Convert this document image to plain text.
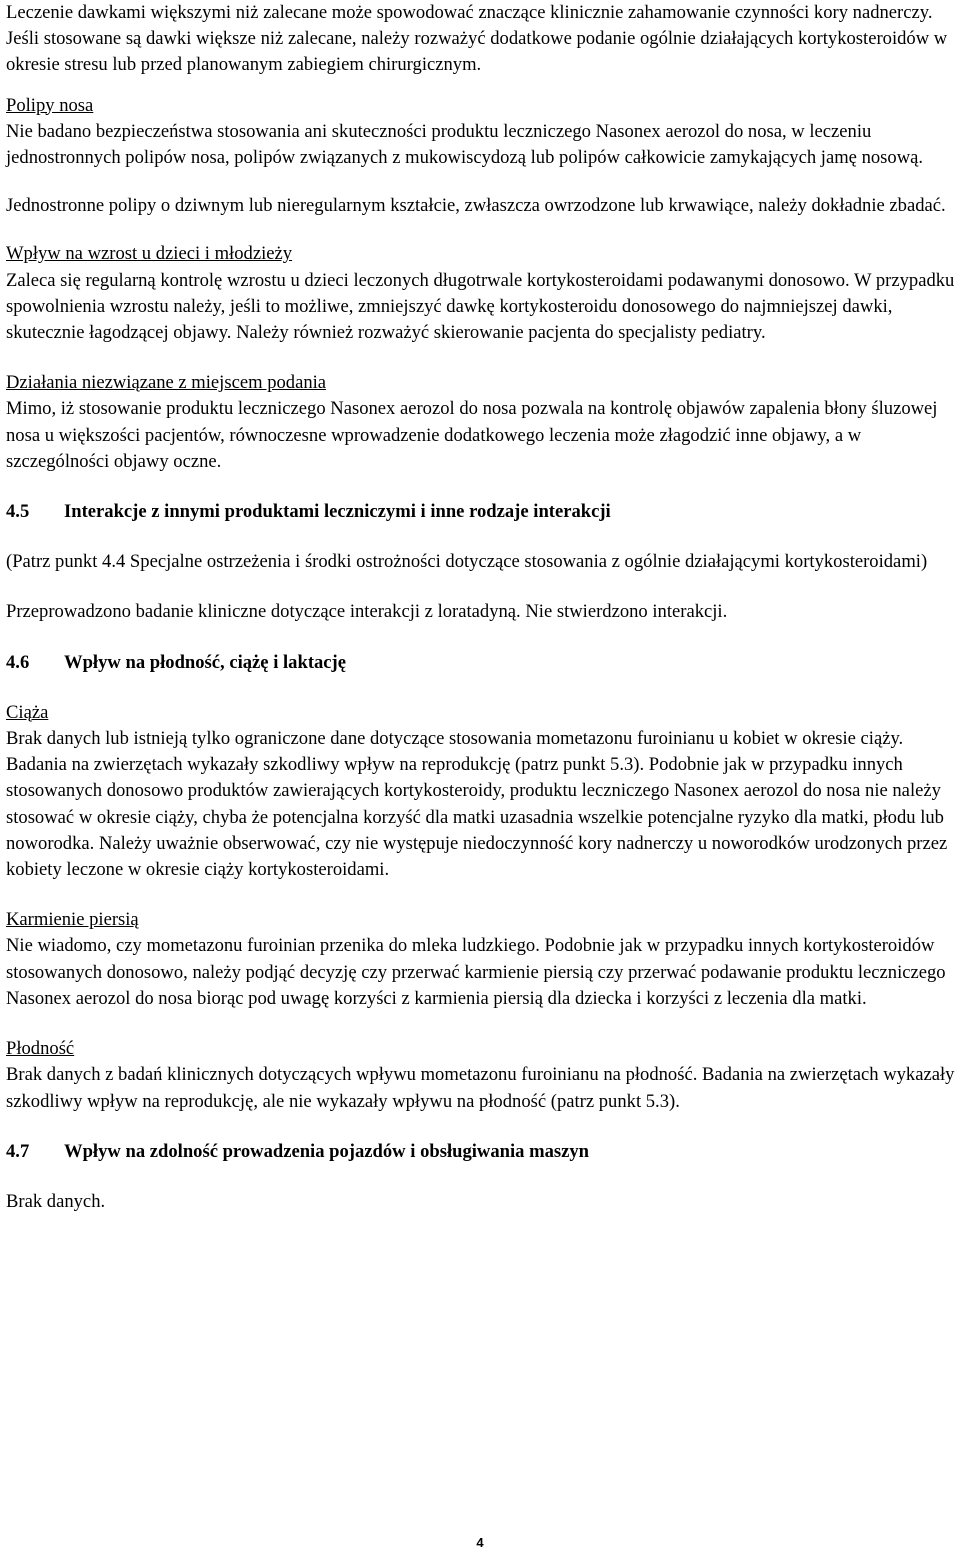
Leczenie dawkami większymi niż zalecane może spowodować znaczące klinicznie zahamowanie czynności kory nadnerczy. Jeśli stosowane są dawki większe niż zalecane, należy rozważyć dodatkowe podanie ogólnie działających kortykosteroidów w okresie stresu lub przed planowanym zabiegiem chirurgicznym.

Polipy nosa

Nie badano bezpieczeństwa stosowania ani skuteczności produktu leczniczego Nasonex aerozol do nosa, w leczeniu jednostronnych polipów nosa, polipów związanych z mukowiscydozą lub polipów całkowicie zamykających jamę nosową.

Jednostronne polipy o dziwnym lub nieregularnym kształcie, zwłaszcza owrzodzone lub krwawiące, należy dokładnie zbadać.

Wpływ na wzrost u dzieci i młodzieży

Zaleca się regularną kontrolę wzrostu u dzieci leczonych długotrwale kortykosteroidami podawanymi donosowo. W przypadku spowolnienia wzrostu należy, jeśli to możliwe, zmniejszyć dawkę kortykosteroidu donosowego do najmniejszej dawki, skutecznie łagodzącej objawy. Należy również rozważyć skierowanie pacjenta do specjalisty pediatry.

Działania niezwiązane z miejscem podania

Mimo, iż stosowanie produktu leczniczego Nasonex aerozol do nosa pozwala na kontrolę objawów zapalenia błony śluzowej nosa u większości pacjentów, równoczesne wprowadzenie dodatkowego leczenia może złagodzić inne objawy, a w szczególności objawy oczne.

4.5	Interakcje z innymi produktami leczniczymi i inne rodzaje interakcji

(Patrz punkt 4.4 Specjalne ostrzeżenia i środki ostrożności dotyczące stosowania z ogólnie działającymi kortykosteroidami)

Przeprowadzono badanie kliniczne dotyczące interakcji z loratadyną. Nie stwierdzono interakcji.

4.6	Wpływ na płodność, ciążę i laktację
Ciąża

Brak danych lub istnieją tylko ograniczone dane dotyczące stosowania mometazonu furoinianu u kobiet w okresie ciąży. Badania na zwierzętach wykazały szkodliwy wpływ na reprodukcję (patrz punkt 5.3). Podobnie jak w przypadku innych stosowanych donosowo produktów zawierających kortykosteroidy, produktu leczniczego Nasonex aerozol do nosa nie należy stosować w okresie ciąży, chyba że potencjalna korzyść dla matki uzasadnia wszelkie potencjalne ryzyko dla matki, płodu lub noworodka. Należy uważnie obserwować, czy nie występuje niedoczynność kory nadnerczy u noworodków urodzonych przez kobiety leczone w okresie ciąży kortykosteroidami.

Karmienie piersią

Nie wiadomo, czy mometazonu furoinian przenika do mleka ludzkiego. Podobnie jak w przypadku innych kortykosteroidów stosowanych donosowo, należy podjąć decyzję czy przerwać karmienie piersią czy przerwać podawanie produktu leczniczego Nasonex aerozol do nosa biorąc pod uwagę korzyści z karmienia piersią dla dziecka i korzyści z leczenia dla matki.

Płodność

Brak danych z badań klinicznych dotyczących wpływu mometazonu furoinianu na płodność. Badania na zwierzętach wykazały szkodliwy wpływ na reprodukcję, ale nie wykazały wpływu na płodność (patrz punkt 5.3).

4.7	Wpływ na zdolność prowadzenia pojazdów i obsługiwania maszyn

Brak danych.

4
